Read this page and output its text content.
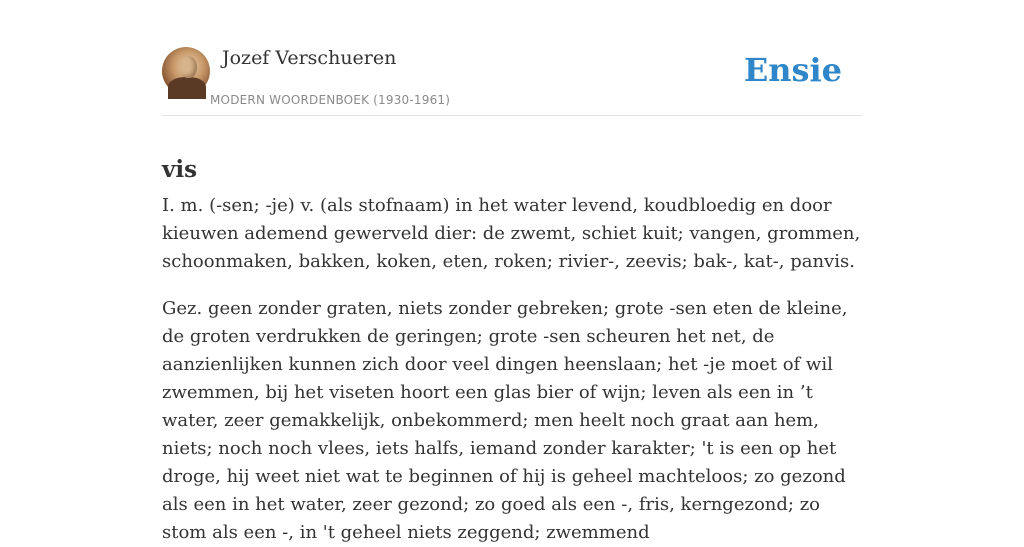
Jozef Verschueren
MODERN WOORDENBOEK (1930-1961)
Ensie
vis

I. m. (-sen; -je) v. (als stofnaam) in het water levend, koudbloedig en door kieuwen ademend gewerveld dier: de zwemt, schiet kuit; vangen, grommen, schoonmaken, bakken, koken, eten, roken; rivier-, zeevis; bak-, kat-, panvis.

Gez. geen zonder graten, niets zonder gebreken; grote -sen eten de kleine, de groten verdrukken de geringen; grote -sen scheuren het net, de aanzienlijken kunnen zich door veel dingen heenslaan; het -je moet of wil zwemmen, bij het viseten hoort een glas bier of wijn; leven als een in ’t water, zeer gemakkelijk, onbekommerd; men heelt noch graat aan hem, niets; noch noch vlees, iets halfs, iemand zonder karakter; 't is een op het droge, hij weet niet wat te beginnen of hij is geheel machteloos; zo gezond als een in het water, zeer gezond; zo goed als een -, fris, kerngezond; zo stom als een -, in 't geheel niets zeggend; zwemmend
